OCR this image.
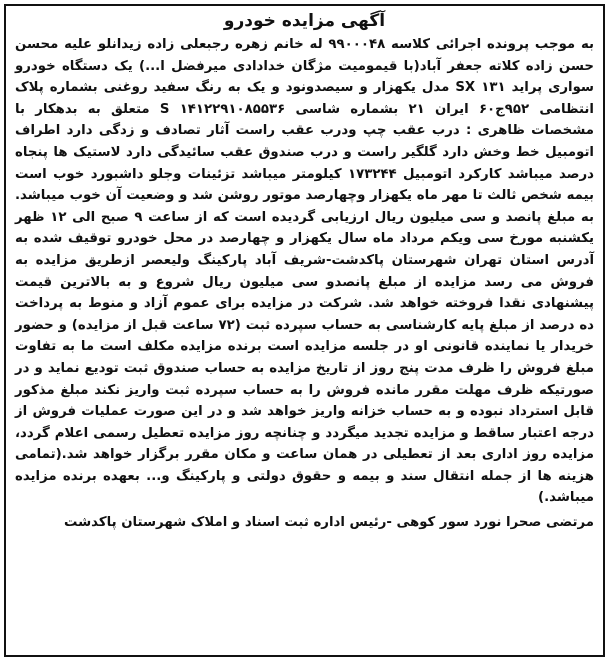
آگهی مزایده خودرو

به موجب پرونده اجرائی کلاسه ۹۹۰۰۰۴۸ له خانم زهره رجبعلی زاده زیدانلو علیه محسن حسن زاده کلاته جعفر آباد(با قیمومیت مژگان خدادادی میرفضل ا...) یک دستگاه خودرو سواری پراید ۱۳۱ SX مدل یکهزار و سیصدونود و یک به رنگ سفید روغنی بشماره پلاک انتظامی ۹۵۲ج۶۰ ایران ۲۱ بشماره شاسی S ۱۴۱۲۲۹۱۰۸۵۵۳۶ متعلق به بدهکار با مشخصات ظاهری : درب عقب چپ ودرب عقب راست آثار تصادف و زدگی دارد اطراف اتومبیل خط وخش دارد گلگیر راست و درب صندوق عقب سائیدگی دارد لاستیک ها پنجاه درصد میباشد کارکرد اتومبیل ۱۷۳۲۴۴ کیلومتر میباشد تزئینات وجلو داشبورد خوب است بیمه شخص ثالث تا مهر ماه یکهزار وچهارصد موتور روشن شد و وضعیت آن خوب میباشد. به مبلغ پانصد و سی میلیون ریال ارزیابی گردیده است که از ساعت ۹ صبح الی ۱۲ ظهر یکشنبه مورخ سی ویکم مرداد ماه سال یکهزار و چهارصد در محل خودرو توقیف شده به آدرس استان تهران شهرستان پاکدشت-شریف آباد پارکینگ ولیعصر ازطریق مزایده به فروش می رسد مزایده از مبلغ پانصدو سی میلیون ریال شروع و به بالاترین قیمت پیشنهادی نقدا فروخته خواهد شد. شرکت در مزایده برای عموم آزاد و منوط به پرداخت ده درصد از مبلغ پایه کارشناسی به حساب سپرده ثبت (۷۲ ساعت قبل از مزایده) و حضور خریدار یا نماینده قانونی او در جلسه مزایده است برنده مزایده مکلف است ما به تفاوت مبلغ فروش را ظرف مدت پنج روز از تاریخ مزایده به حساب صندوق ثبت تودیع نماید و در صورتیکه ظرف مهلت مقرر مانده فروش را به حساب سپرده ثبت واریز نکند مبلغ مذکور قابل استرداد نبوده و به حساب خزانه واریز خواهد شد و در این صورت عملیات فروش از درجه اعتبار ساقط و مزایده تجدید میگردد و چنانچه روز مزایده تعطیل رسمی اعلام گردد، مزایده روز اداری بعد از تعطیلی در همان ساعت و مکان مقرر برگزار خواهد شد.(تمامی هزینه ها از جمله انتقال سند و بیمه و حقوق دولتی و پارکینگ و... بعهده برنده مزایده میباشد.)

مرتضی صحرا نورد سور کوهی -رئیس اداره ثبت اسناد و املاک شهرستان پاکدشت
